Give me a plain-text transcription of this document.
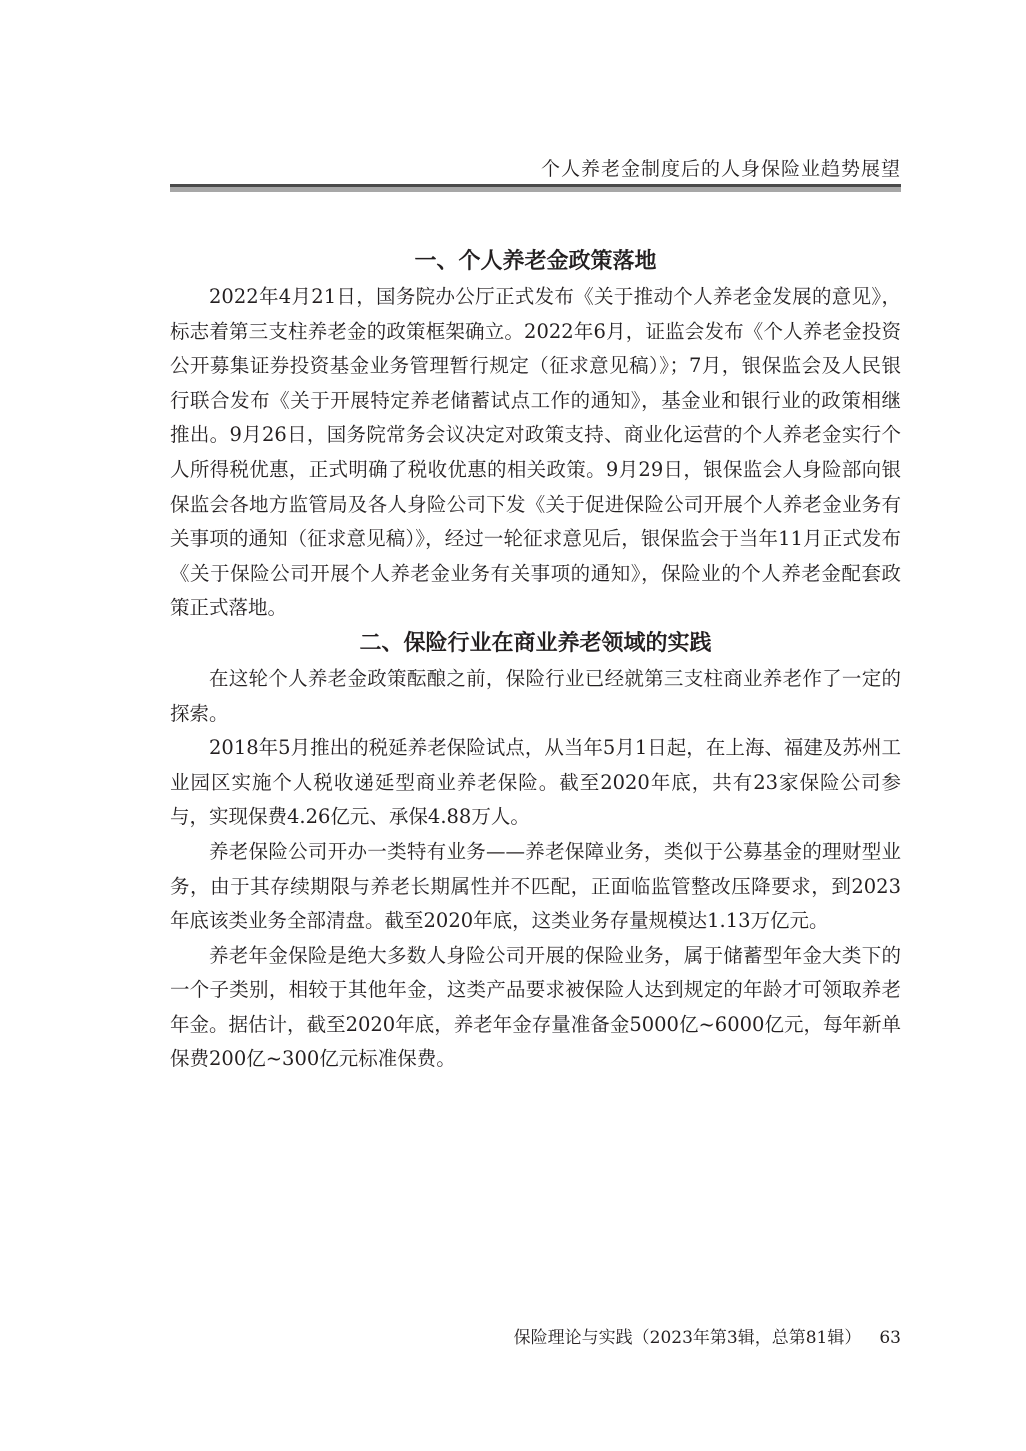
个人养老金制度后的人身保险业趋势展望
一、个人养老金政策落地

2022年4月21日，国务院办公厅正式发布《关于推动个人养老金发展的意见》，标志着第三支柱养老金的政策框架确立。2022年6月，证监会发布《个人养老金投资公开募集证券投资基金业务管理暂行规定（征求意见稿）》；7月，银保监会及人民银行联合发布《关于开展特定养老储蓄试点工作的通知》，基金业和银行业的政策相继推出。9月26日，国务院常务会议决定对政策支持、商业化运营的个人养老金实行个人所得税优惠，正式明确了税收优惠的相关政策。9月29日，银保监会人身险部向银保监会各地方监管局及各人身险公司下发《关于促进保险公司开展个人养老金业务有关事项的通知（征求意见稿）》，经过一轮征求意见后，银保监会于当年11月正式发布《关于保险公司开展个人养老金业务有关事项的通知》，保险业的个人养老金配套政策正式落地。

二、保险行业在商业养老领域的实践

在这轮个人养老金政策酝酿之前，保险行业已经就第三支柱商业养老作了一定的探索。

2018年5月推出的税延养老保险试点，从当年5月1日起，在上海、福建及苏州工业园区实施个人税收递延型商业养老保险。截至2020年底，共有23家保险公司参与，实现保费4.26亿元、承保4.88万人。

养老保险公司开办一类特有业务——养老保障业务，类似于公募基金的理财型业务，由于其存续期限与养老长期属性并不匹配，正面临监管整改压降要求，到2023年底该类业务全部清盘。截至2020年底，这类业务存量规模达1.13万亿元。

养老年金保险是绝大多数人身险公司开展的保险业务，属于储蓄型年金大类下的一个子类别，相较于其他年金，这类产品要求被保险人达到规定的年龄才可领取养老年金。据估计，截至2020年底，养老年金存量准备金5000亿~6000亿元，每年新单保费200亿~300亿元标准保费。

保险理论与实践（2023年第3辑，总第81辑） 63
